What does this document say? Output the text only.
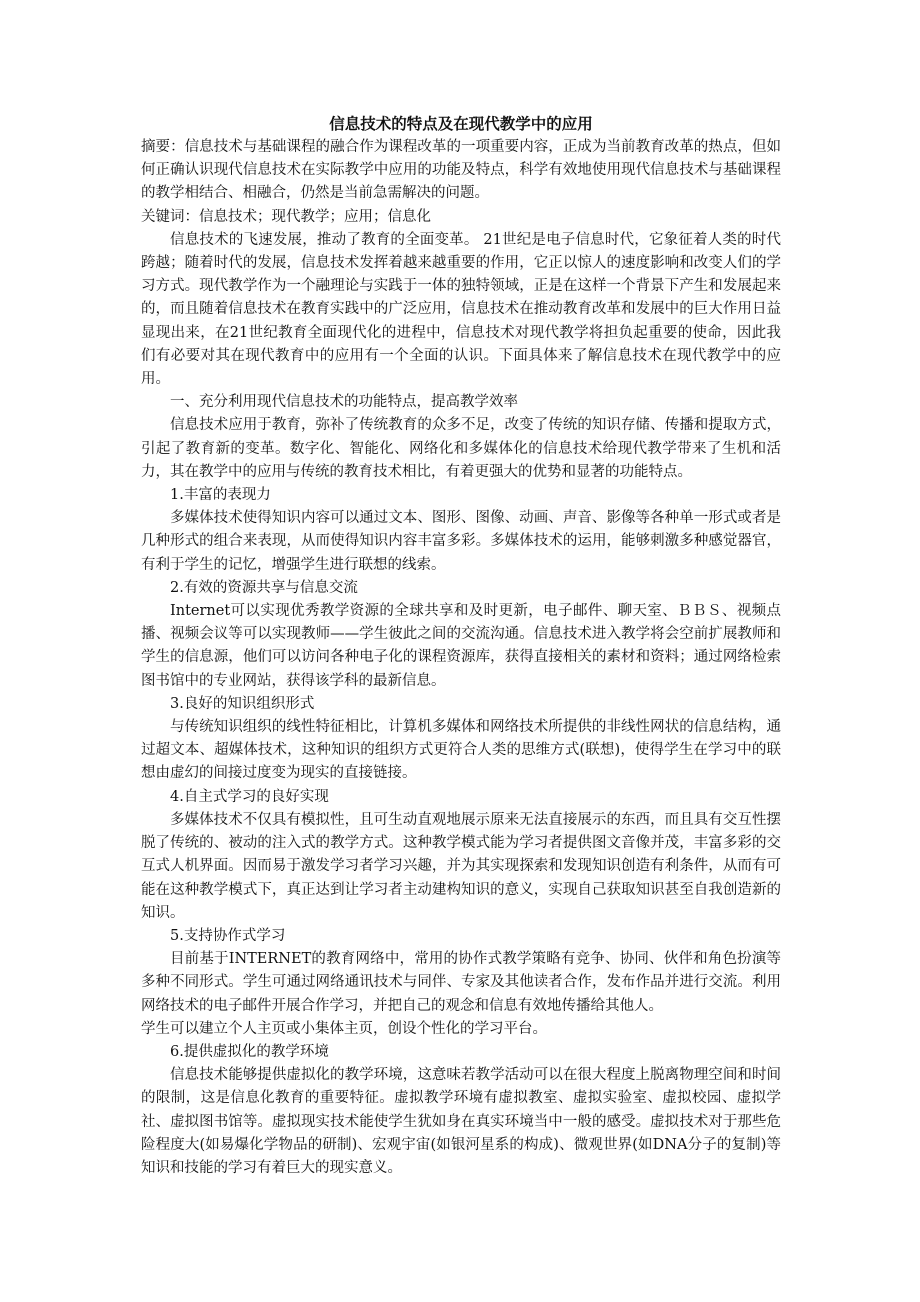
信息技术的特点及在现代教学中的应用

摘要：信息技术与基础课程的融合作为课程改革的一项重要内容，正成为当前教育改革的热点，但如何正确认识现代信息技术在实际教学中应用的功能及特点，科学有效地使用现代信息技术与基础课程的教学相结合、相融合，仍然是当前急需解决的问题。

关键词：信息技术；现代教学；应用；信息化

信息技术的飞速发展，推动了教育的全面变革。 21世纪是电子信息时代，它象征着人类的时代跨越；随着时代的发展，信息技术发挥着越来越重要的作用，它正以惊人的速度影响和改变人们的学习方式。现代教学作为一个融理论与实践于一体的独特领域，正是在这样一个背景下产生和发展起来的，而且随着信息技术在教育实践中的广泛应用，信息技术在推动教育改革和发展中的巨大作用日益显现出来，在21世纪教育全面现代化的进程中，信息技术对现代教学将担负起重要的使命，因此我们有必要对其在现代教育中的应用有一个全面的认识。下面具体来了解信息技术在现代教学中的应用。

一、充分利用现代信息技术的功能特点，提高教学效率

信息技术应用于教育，弥补了传统教育的众多不足，改变了传统的知识存储、传播和提取方式，引起了教育新的变革。数字化、智能化、网络化和多媒体化的信息技术给现代教学带来了生机和活力，其在教学中的应用与传统的教育技术相比，有着更强大的优势和显著的功能特点。

1.丰富的表现力

多媒体技术使得知识内容可以通过文本、图形、图像、动画、声音、影像等各种单一形式或者是几种形式的组合来表现，从而使得知识内容丰富多彩。多媒体技术的运用，能够刺激多种感觉器官，有利于学生的记忆，增强学生进行联想的线索。

2.有效的资源共享与信息交流

Internet可以实现优秀教学资源的全球共享和及时更新，电子邮件、聊天室、ＢＢＳ、视频点播、视频会议等可以实现教师——学生彼此之间的交流沟通。信息技术进入教学将会空前扩展教师和学生的信息源，他们可以访问各种电子化的课程资源库，获得直接相关的素材和资料；通过网络检索图书馆中的专业网站，获得该学科的最新信息。

3.良好的知识组织形式

与传统知识组织的线性特征相比，计算机多媒体和网络技术所提供的非线性网状的信息结构，通过超文本、超媒体技术，这种知识的组织方式更符合人类的思维方式(联想)，使得学生在学习中的联想由虚幻的间接过度变为现实的直接链接。

4.自主式学习的良好实现

多媒体技术不仅具有模拟性，且可生动直观地展示原来无法直接展示的东西，而且具有交互性摆脱了传统的、被动的注入式的教学方式。这种教学模式能为学习者提供图文音像并茂，丰富多彩的交互式人机界面。因而易于激发学习者学习兴趣，并为其实现探索和发现知识创造有利条件，从而有可能在这种教学模式下，真正达到让学习者主动建构知识的意义，实现自己获取知识甚至自我创造新的知识。

5.支持协作式学习

目前基于INTERNET的教育网络中，常用的协作式教学策略有竞争、协同、伙伴和角色扮演等多种不同形式。学生可通过网络通讯技术与同伴、专家及其他读者合作，发布作品并进行交流。利用网络技术的电子邮件开展合作学习，并把自己的观念和信息有效地传播给其他人。

学生可以建立个人主页或小集体主页，创设个性化的学习平台。

6.提供虚拟化的教学环境

信息技术能够提供虚拟化的教学环境，这意味若教学活动可以在很大程度上脱离物理空间和时间的限制，这是信息化教育的重要特征。虚拟教学环境有虚拟教室、虚拟实验室、虚拟校园、虚拟学社、虚拟图书馆等。虚拟现实技术能使学生犹如身在真实环境当中一般的感受。虚拟技术对于那些危险程度大(如易爆化学物品的研制)、宏观宇宙(如银河星系的构成)、微观世界(如DNA分子的复制)等知识和技能的学习有着巨大的现实意义。
